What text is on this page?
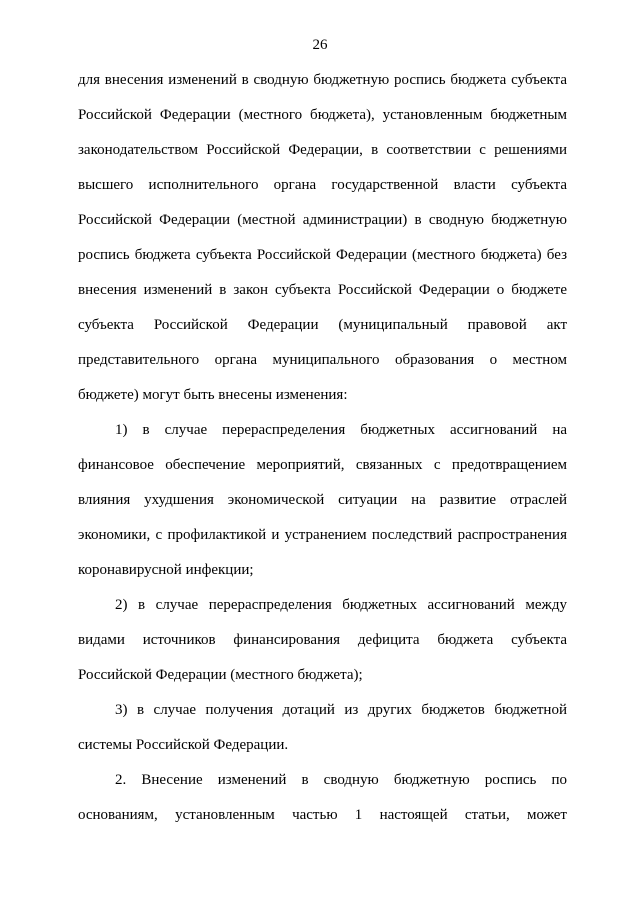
26
для внесения изменений в сводную бюджетную роспись бюджета субъекта
Российской Федерации (местного бюджета), установленным бюджетным
законодательством Российской Федерации, в соответствии с решениями
высшего исполнительного органа государственной власти субъекта
Российской Федерации (местной администрации) в сводную бюджетную
роспись бюджета субъекта Российской Федерации (местного бюджета) без
внесения изменений в закон субъекта Российской Федерации о бюджете
субъекта Российской Федерации (муниципальный правовой акт
представительного органа муниципального образования о местном
бюджете) могут быть внесены изменения:
1) в случае перераспределения бюджетных ассигнований на
финансовое обеспечение мероприятий, связанных с предотвращением
влияния ухудшения экономической ситуации на развитие отраслей
экономики, с профилактикой и устранением последствий распространения
коронавирусной инфекции;
2) в случае перераспределения бюджетных ассигнований между
видами источников финансирования дефицита бюджета субъекта
Российской Федерации (местного бюджета);
3) в случае получения дотаций из других бюджетов бюджетной
системы Российской Федерации.
2. Внесение изменений в сводную бюджетную роспись по
основаниям, установленным частью 1 настоящей статьи, может
